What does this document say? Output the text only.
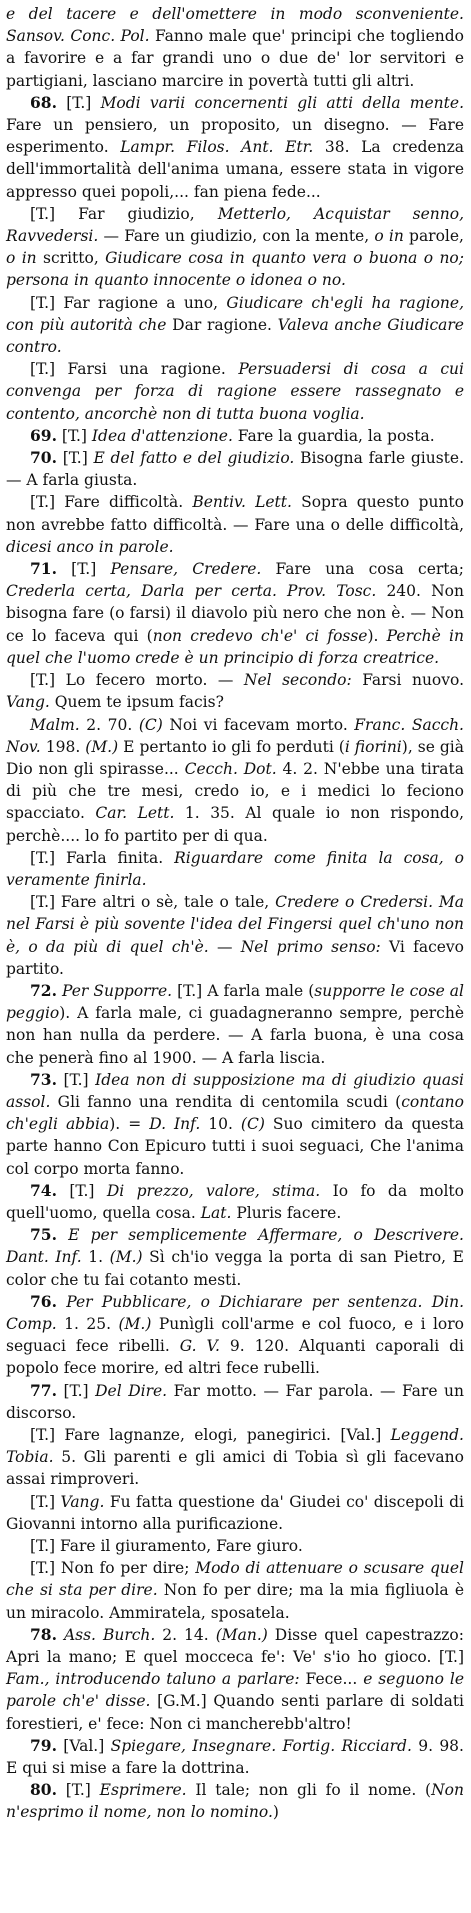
e del tacere e dell'omettere in modo sconveniente. Sansov. Conc. Pol. Fanno male que' principi che togliendo a favorire e a far grandi uno o due de' lor servitori e partigiani, lasciano marcire in povertà tutti gli altri.

68. [T.] Modi varii concernenti gli atti della mente. Fare un pensiero, un proposito, un disegno. — Fare esperimento. Lampr. Filos. Ant. Etr. 38. La credenza dell'immortalità dell'anima umana, essere stata in vigore appresso quei popoli,... fan piena fede...

[T.] Far giudizio, Metterlo, Acquistar senno, Ravvedersi. — Fare un giudizio, con la mente, o in parole, o in scritto, Giudicare cosa in quanto vera o buona o no; persona in quanto innocente o idonea o no.

[T.] Far ragione a uno, Giudicare ch'egli ha ragione, con più autorità che Dar ragione. Valeva anche Giudicare contro.

[T.] Farsi una ragione. Persuadersi di cosa a cui convenga per forza di ragione essere rassegnato e contento, ancorchè non di tutta buona voglia.

69. [T.] Idea d'attenzione. Fare la guardia, la posta.

70. [T.] E del fatto e del giudizio. Bisogna farle giuste. — A farla giusta.

[T.] Fare difficoltà. Bentiv. Lett. Sopra questo punto non avrebbe fatto difficoltà. — Fare una o delle difficoltà, dicesi anco in parole.

71. [T.] Pensare, Credere. Fare una cosa certa; Crederla certa, Darla per certa. Prov. Tosc. 240. Non bisogna fare (o farsi) il diavolo più nero che non è. — Non ce lo faceva qui (non credevo ch'e' ci fosse). Perchè in quel che l'uomo crede è un principio di forza creatrice.

[T.] Lo fecero morto. — Nel secondo: Farsi nuovo. Vang. Quem te ipsum facis?

Malm. 2. 70. (C) Noi vi facevam morto. Franc. Sacch. Nov. 198. (M.) E pertanto io gli fo perduti (i fiorini), se già Dio non gli spirasse... Cecch. Dot. 4. 2. N'ebbe una tirata di più che tre mesi, credo io, e i medici lo feciono spacciato. Car. Lett. 1. 35. Al quale io non rispondo, perchè.... lo fo partito per di qua.

[T.] Farla finita. Riguardare come finita la cosa, o veramente finirla.

[T.] Fare altri o sè, tale o tale, Credere o Credersi. Ma nel Farsi è più sovente l'idea del Fingersi quel ch'uno non è, o da più di quel ch'è. — Nel primo senso: Vi facevo partito.

72. Per Supporre. [T.] A farla male (supporre le cose al peggio). A farla male, ci guadagneranno sempre, perchè non han nulla da perdere. — A farla buona, è una cosa che penerà fino al 1900. — A farla liscia.

73. [T.] Idea non di supposizione ma di giudizio quasi assol. Gli fanno una rendita di centomila scudi (contano ch'egli abbia). = D. Inf. 10. (C) Suo cimitero da questa parte hanno Con Epicuro tutti i suoi seguaci, Che l'anima col corpo morta fanno.

74. [T.] Di prezzo, valore, stima. Io fo da molto quell'uomo, quella cosa. Lat. Pluris facere.

75. E per semplicemente Affermare, o Descrivere. Dant. Inf. 1. (M.) Sì ch'io vegga la porta di san Pietro, E color che tu fai cotanto mesti.

76. Per Pubblicare, o Dichiarare per sentenza. Din. Comp. 1. 25. (M.) Punìgli coll'arme e col fuoco, e i loro seguaci fece ribelli. G. V. 9. 120. Alquanti caporali di popolo fece morire, ed altri fece rubelli.

77. [T.] Del Dire. Far motto. — Far parola. — Fare un discorso.

[T.] Fare lagnanze, elogi, panegirici. [Val.] Leggend. Tobia. 5. Gli parenti e gli amici di Tobia sì gli facevano assai rimproveri.

[T.] Vang. Fu fatta questione da' Giudei co' discepoli di Giovanni intorno alla purificazione.

[T.] Fare il giuramento, Fare giuro.

[T.] Non fo per dire; Modo di attenuare o scusare quel che si sta per dire. Non fo per dire; ma la mia figliuola è un miracolo. Ammiratela, sposatela.

78. Ass. Burch. 2. 14. (Man.) Disse quel capestrazzo: Apri la mano; E quel mocceca fe': Ve' s'io ho gioco. [T.] Fam., introducendo taluno a parlare: Fece... e seguono le parole ch'e' disse. [G.M.] Quando senti parlare di soldati forestieri, e' fece: Non ci mancherebb'altro!

79. [Val.] Spiegare, Insegnare. Fortig. Ricciard. 9. 98. E qui si mise a fare la dottrina.

80. [T.] Esprimere. Il tale; non gli fo il nome. (Non n'esprimo il nome, non lo nomino.)
